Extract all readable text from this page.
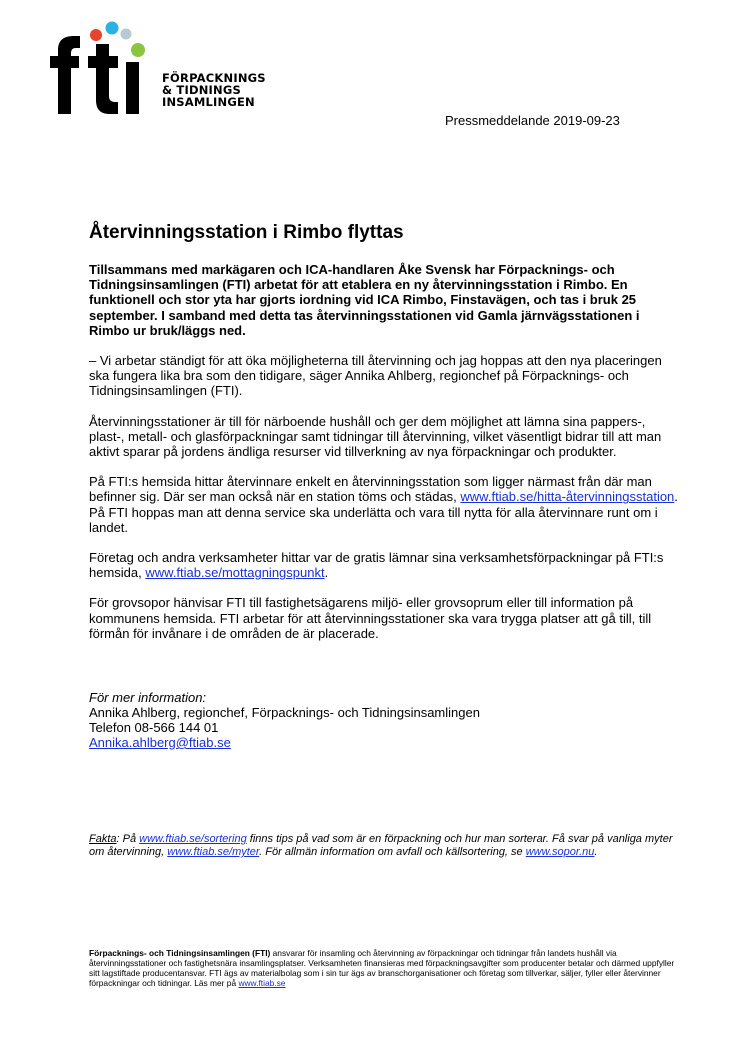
FÖRPACKNINGS
& TIDNINGS
INSAMLINGEN
Pressmeddelande 2019-09-23
Återvinningsstation i Rimbo flyttas

Tillsammans med markägaren och ICA-handlaren Åke Svensk har Förpacknings- och Tidningsinsamlingen (FTI) arbetat för att etablera en ny återvinningsstation i Rimbo. En funktionell och stor yta har gjorts iordning vid ICA Rimbo, Finstavägen, och tas i bruk 25 september. I samband med detta tas återvinningsstationen vid Gamla järnvägsstationen i Rimbo ur bruk/läggs ned.

– Vi arbetar ständigt för att öka möjligheterna till återvinning och jag hoppas att den nya placeringen ska fungera lika bra som den tidigare, säger Annika Ahlberg, regionchef på Förpacknings- och Tidningsinsamlingen (FTI).

Återvinningsstationer är till för närboende hushåll och ger dem möjlighet att lämna sina pappers-, plast-, metall- och glasförpackningar samt tidningar till återvinning, vilket väsentligt bidrar till att man aktivt sparar på jordens ändliga resurser vid tillverkning av nya förpackningar och produkter.

På FTI:s hemsida hittar återvinnare enkelt en återvinningsstation som ligger närmast från där man befinner sig. Där ser man också när en station töms och städas, www.ftiab.se/hitta-återvinningsstation. På FTI hoppas man att denna service ska underlätta och vara till nytta för alla återvinnare runt om i landet.

Företag och andra verksamheter hittar var de gratis lämnar sina verksamhetsförpackningar på FTI:s hemsida, www.ftiab.se/mottagningspunkt.

För grovsopor hänvisar FTI till fastighetsägarens miljö- eller grovsoprum eller till information på kommunens hemsida. FTI arbetar för att återvinningsstationer ska vara trygga platser att gå till, till förmån för invånare i de områden de är placerade.

För mer information:
Annika Ahlberg, regionchef, Förpacknings- och Tidningsinsamlingen
Telefon 08-566 144 01
Annika.ahlberg@ftiab.se
Fakta: På www.ftiab.se/sortering finns tips på vad som är en förpackning och hur man sorterar. Få svar på vanliga myter om återvinning, www.ftiab.se/myter. För allmän information om avfall och källsortering, se www.sopor.nu.
Förpacknings- och Tidningsinsamlingen (FTI) ansvarar för insamling och återvinning av förpackningar och tidningar från landets hushåll via återvinningsstationer och fastighetsnära insamlingsplatser. Verksamheten finansieras med förpackningsavgifter som producenter betalar och därmed uppfyller sitt lagstiftade producentansvar. FTI ägs av materialbolag som i sin tur ägs av branschorganisationer och företag som tillverkar, säljer, fyller eller återvinner förpackningar och tidningar. Läs mer på www.ftiab.se
